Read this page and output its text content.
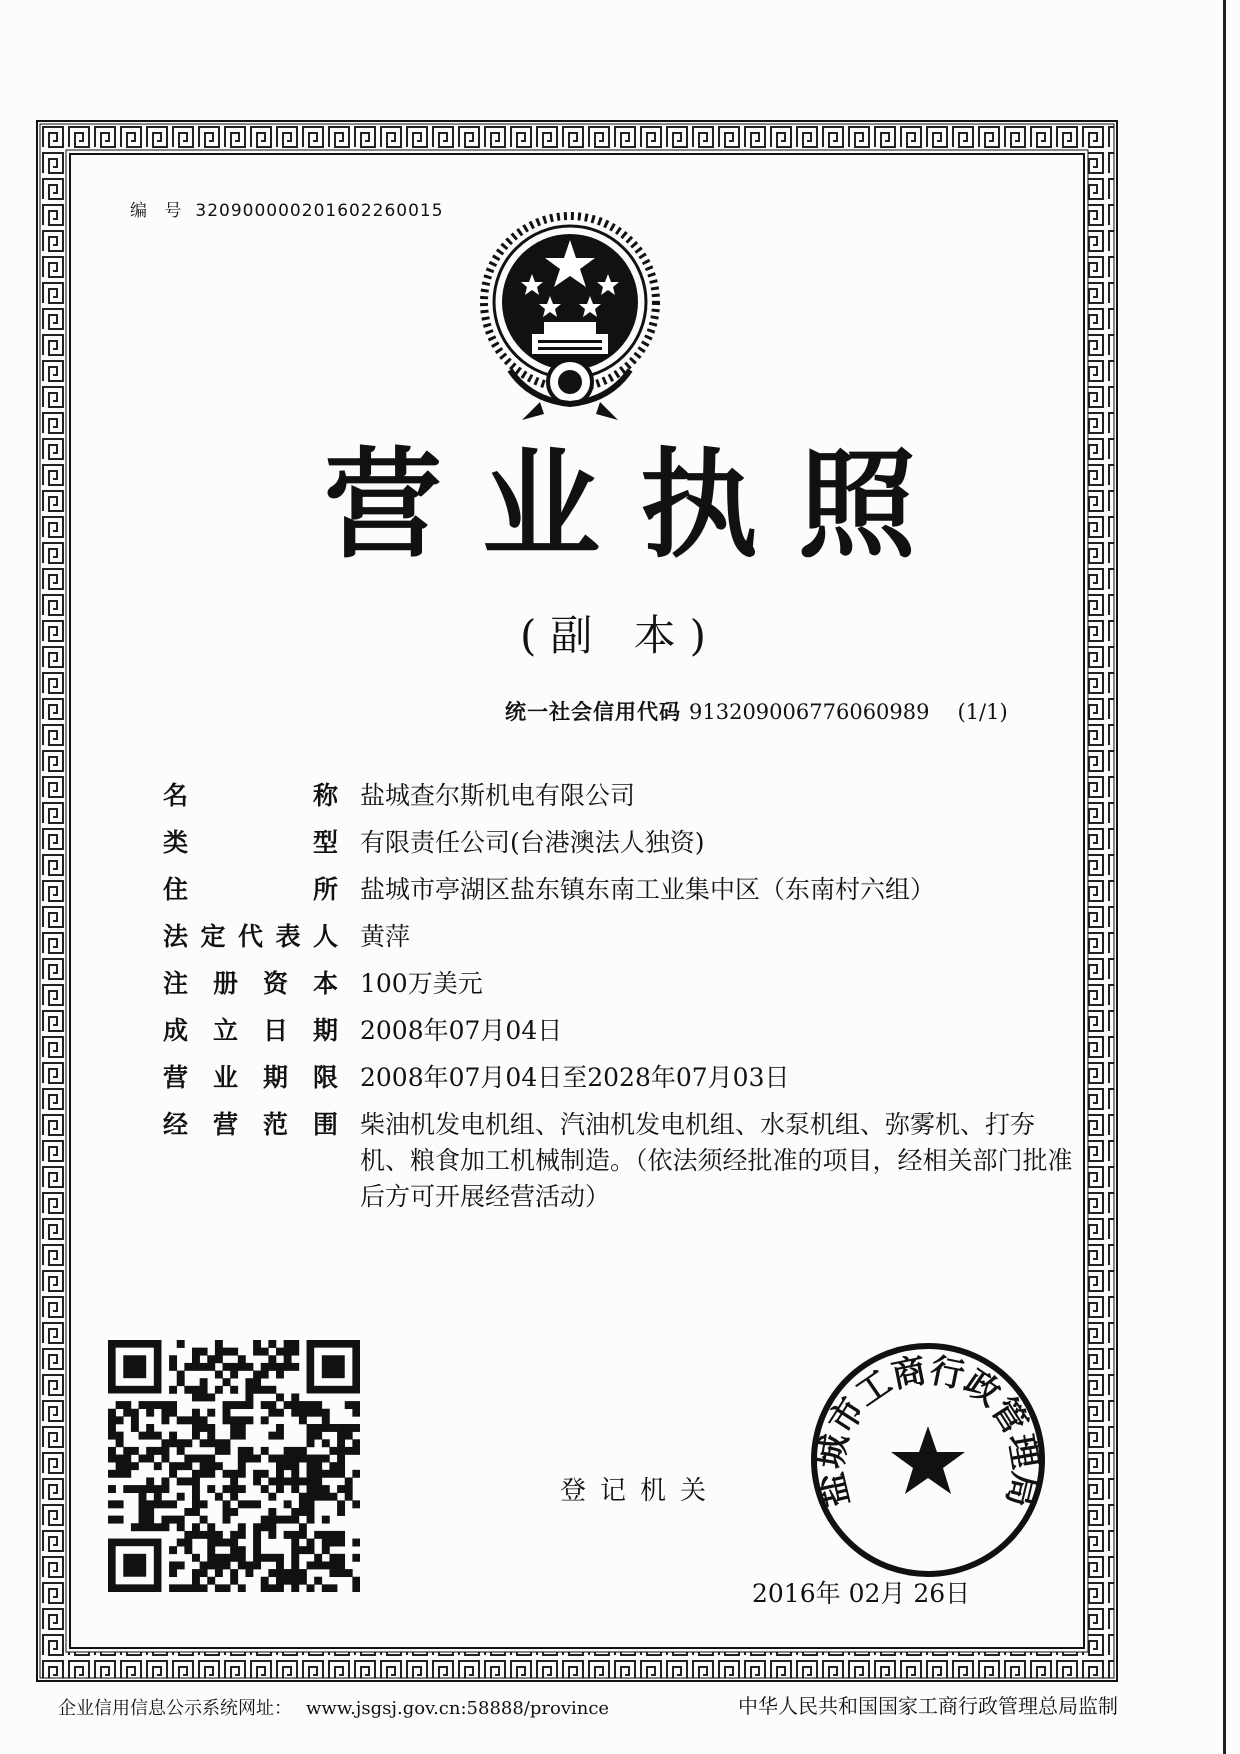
编 号 320900000201602260015
营业执照
(副 本)
统一社会信用代码 913209006776060989 (1/1)
名	称 盐城查尔斯机电有限公司
类	型 有限责任公司(台港澳法人独资)
住	所 盐城市亭湖区盐东镇东南工业集中区（东南村六组）
法 定 代 表 人 黄萍
注 册 资 本 100万美元
成 立 日 期 2008年07月04日
营 业 期 限 2008年07月04日至2028年07月03日
经 营 范 围 柴油机发电机组、汽油机发电机组、水泵机组、弥雾机、打夯机、粮食加工机械制造。（依法须经批准的项目，经相关部门批准后方可开展经营活动）
登记机关	盐城市工商行政管理局
2016年 02月 26日
企业信用信息公示系统网址： www.jsgsj.gov.cn:58888/province	中华人民共和国国家工商行政管理总局监制
